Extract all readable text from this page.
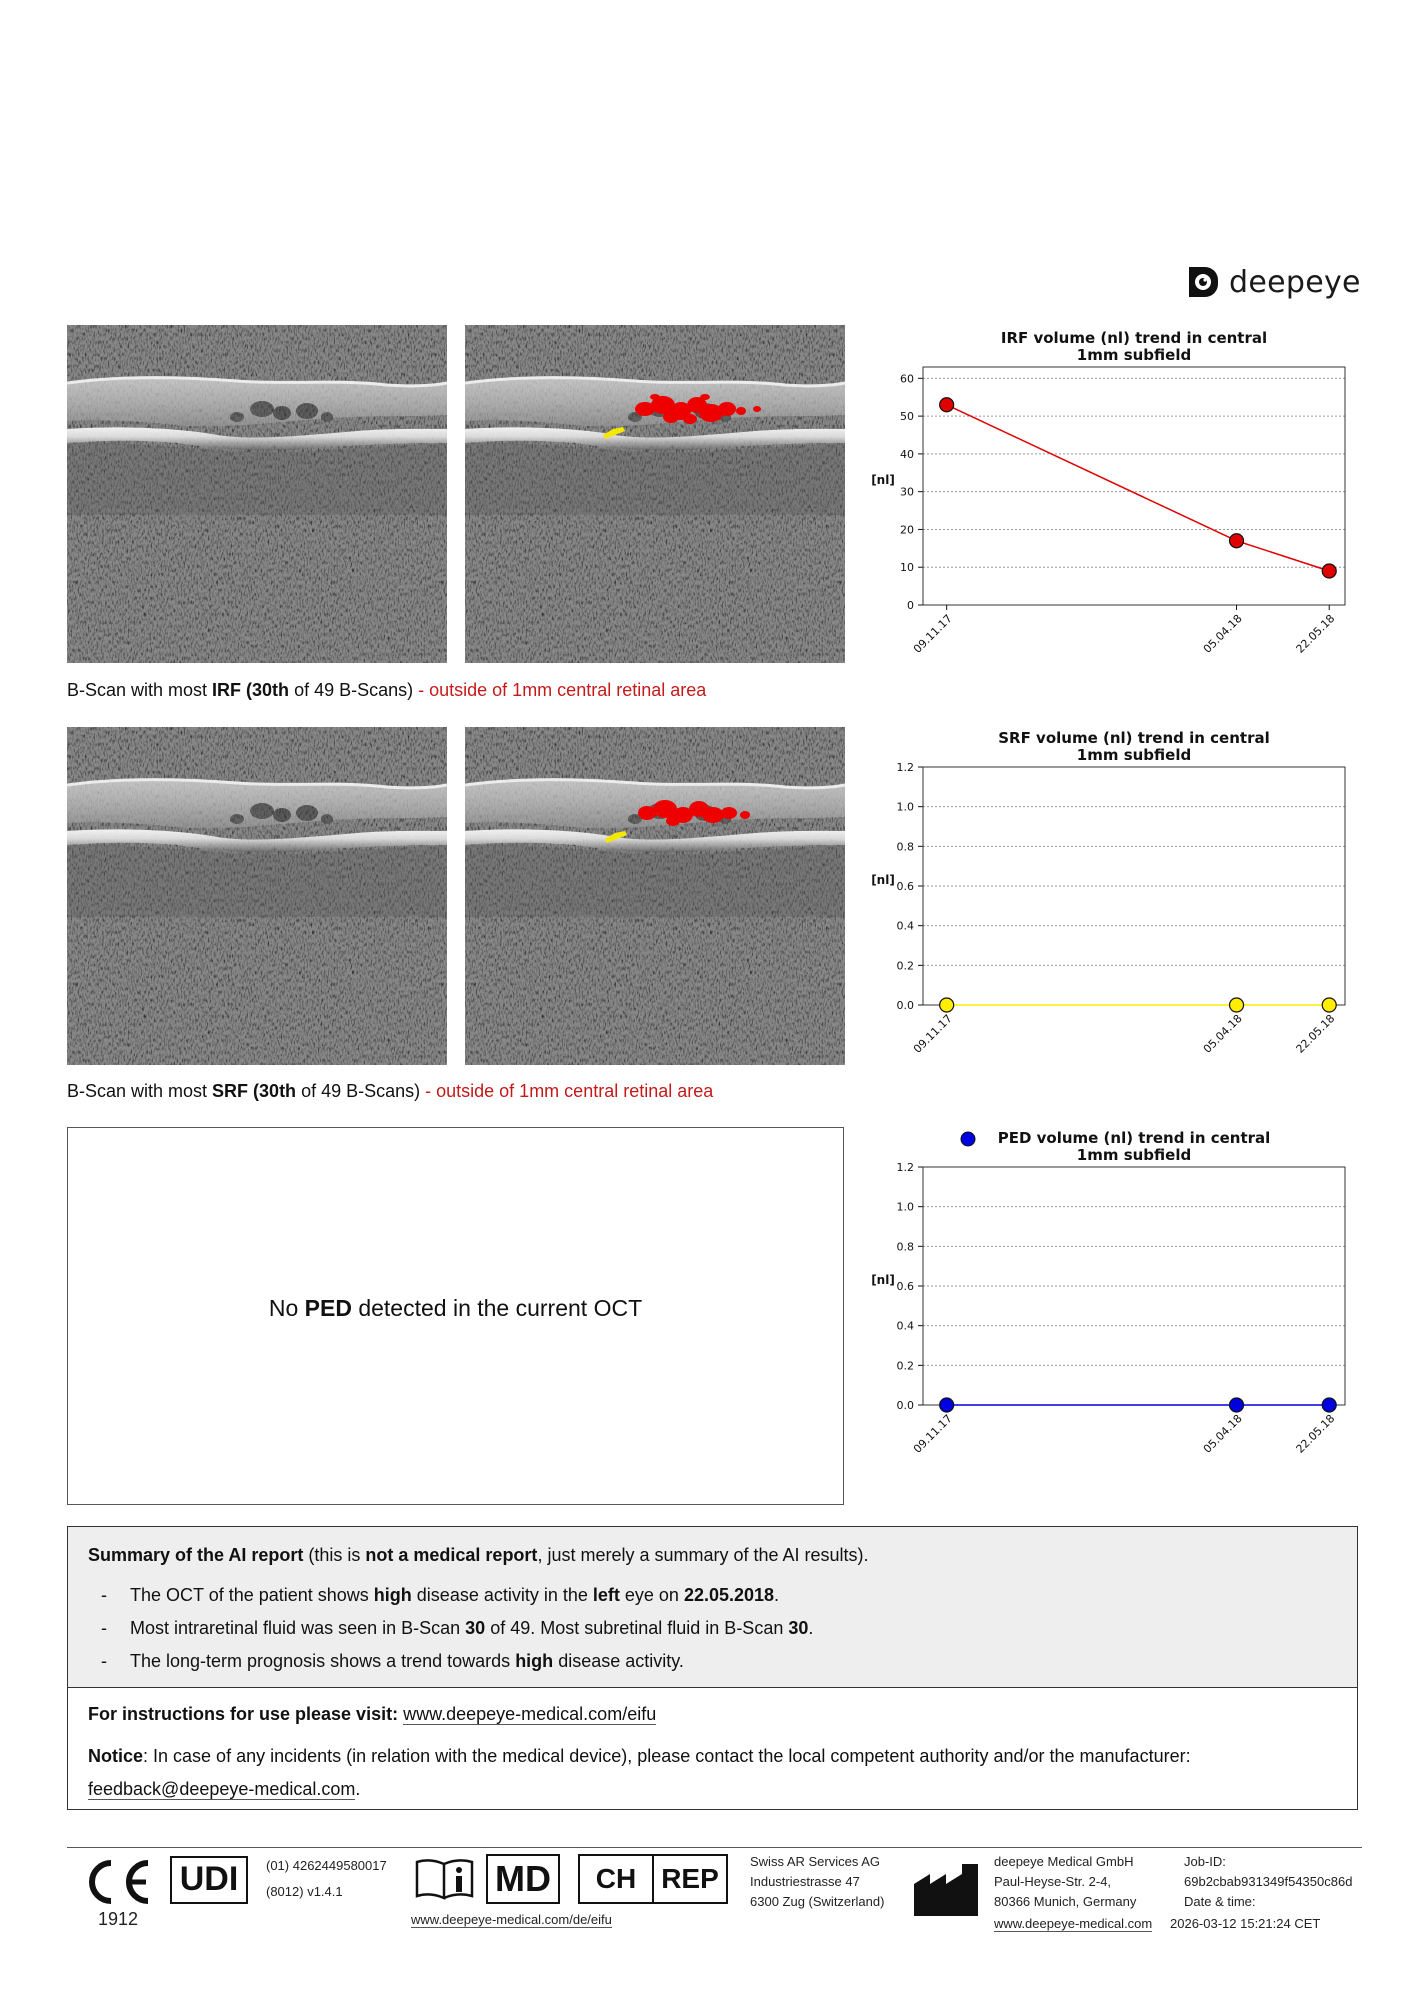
deepeye
B-Scan with most IRF (30th of 49 B-Scans) - outside of 1mm central retinal area
B-Scan with most SRF (30th of 49 B-Scans) - outside of 1mm central retinal area
No PED detected in the current OCT
IRF volume (nl) trend in central
1mm subfield
0
10
20
30
40
50
60
[nl]
09.11.17	05.04.18	22.05.18
SRF volume (nl) trend in central
1mm subfield
0.0
0.2
0.4
0.6
0.8
1.0
1.2
[nl]
09.11.17	05.04.18	22.05.18
PED volume (nl) trend in central
1mm subfield
0.0
0.2
0.4
0.6
0.8
1.0
1.2
[nl]
09.11.17	05.04.18	22.05.18
Summary of the AI report (this is not a medical report, just merely a summary of the AI results).
- The OCT of the patient shows high disease activity in the left eye on 22.05.2018.
- Most intraretinal fluid was seen in B-Scan 30 of 49. Most subretinal fluid in B-Scan 30.
- The long-term prognosis shows a trend towards high disease activity.
For instructions for use please visit: www.deepeye-medical.com/eifu
Notice: In case of any incidents (in relation with the medical device), please contact the local competent authority and/or the manufacturer:
feedback@deepeye-medical.com.
1912
UDI	(01) 4262449580017
(8012) v1.4.1	MD	CH REP
www.deepeye-medical.com/de/eifu
Swiss AR Services AG
Industriestrasse 47
6300 Zug (Switzerland)
deepeye Medical GmbH
Paul-Heyse-Str. 2-4,
80366 Munich, Germany
www.deepeye-medical.com
Job-ID:
69b2cbab931349f54350c86d
Date & time:
2026-03-12 15:21:24 CET
